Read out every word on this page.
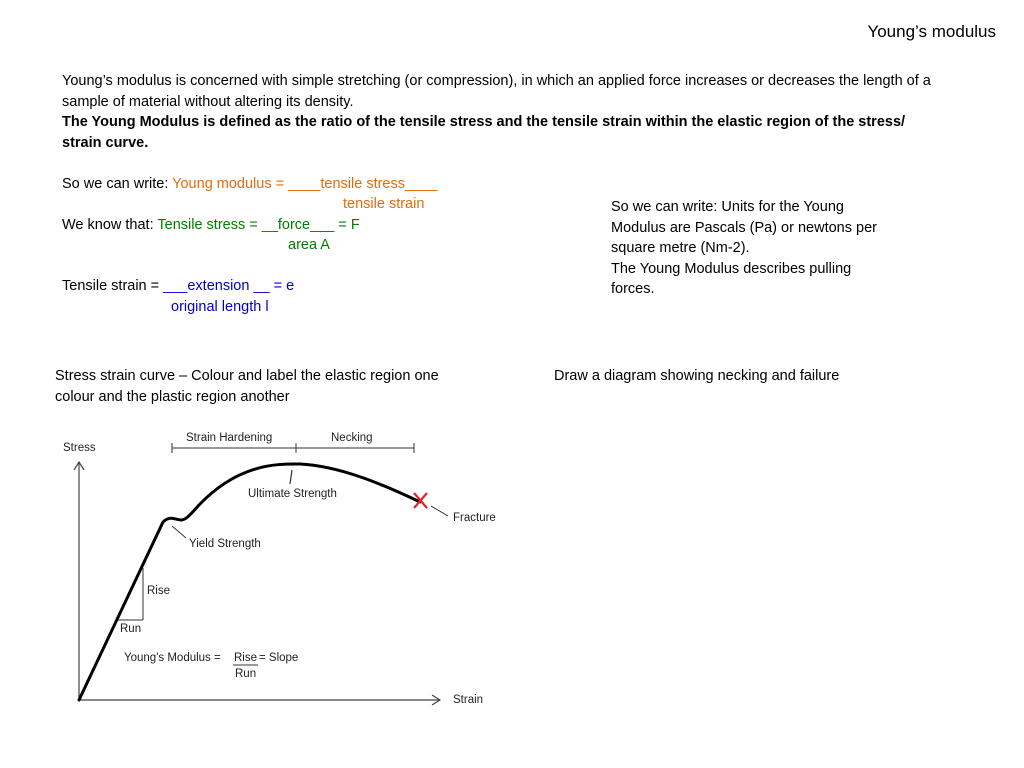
Young’s modulus

Young’s modulus is concerned with simple stretching (or compression), in which an applied force increases or decreases the length of a sample of material without altering its density.

The Young Modulus is defined as the ratio of the tensile stress and the tensile strain within the elastic region of the stress/ strain curve.

So we can write: Young modulus = ____tensile stress____
tensile strain
We know that: Tensile stress = __force___ = F
area A
Tensile strain = ___extension __ = e
original length l

So we can write: Units for the Young Modulus are Pascals (Pa) or newtons per square metre (Nm-2).

The Young Modulus describes pulling forces.

Stress strain curve – Colour and label the elastic region one colour and the plastic region another
Draw a diagram showing necking and failure
Stress
Strain
Fracture
Strain Hardening	Necking
Ultimate Strength
Yield Strength
Rise
Run
Young's Modulus = Rise = Slope
Run
